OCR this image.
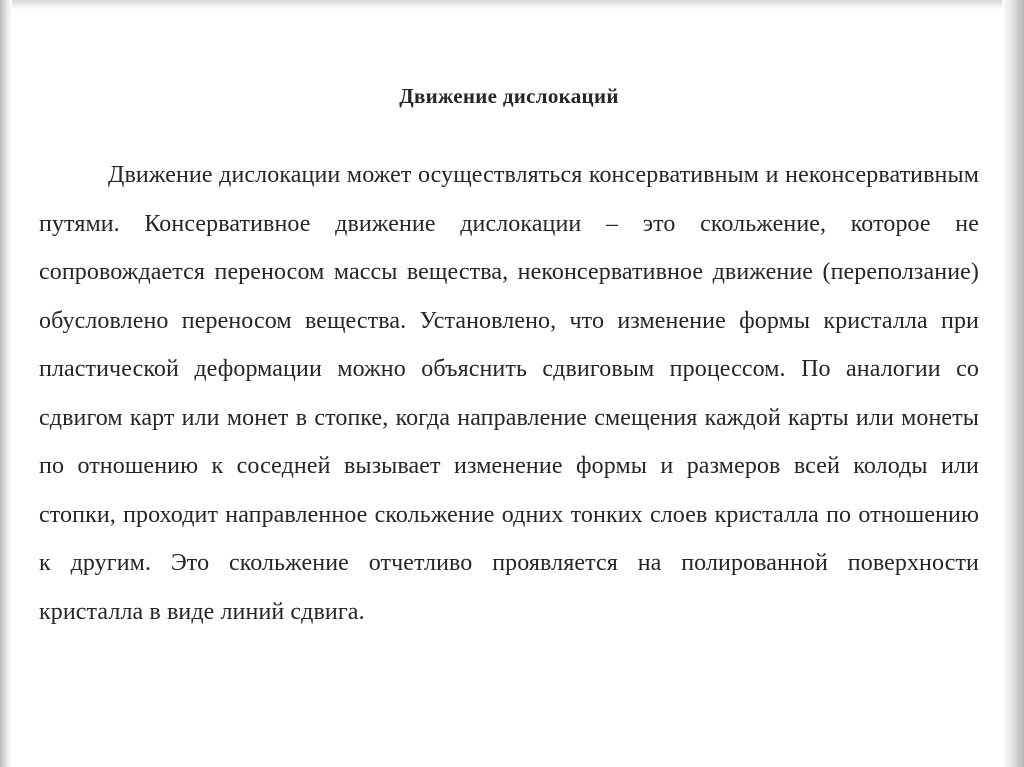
Движение дислокаций

Движение дислокации может осуществляться консервативным и неконсервативным путями. Консервативное движение дислокации – это скольжение, которое не сопровождается переносом массы вещества, неконсервативное движение (переползание) обусловлено переносом вещества. Установлено, что изменение формы кристалла при пластической деформации можно объяснить сдвиговым процессом. По аналогии со сдвигом карт или монет в стопке, когда направление смещения каждой карты или монеты по отношению к соседней вызывает изменение формы и размеров всей колоды или стопки, проходит направленное скольжение одних тонких слоев кристалла по отношению к другим. Это скольжение отчетливо проявляется на полированной поверхности кристалла в виде линий сдвига.
